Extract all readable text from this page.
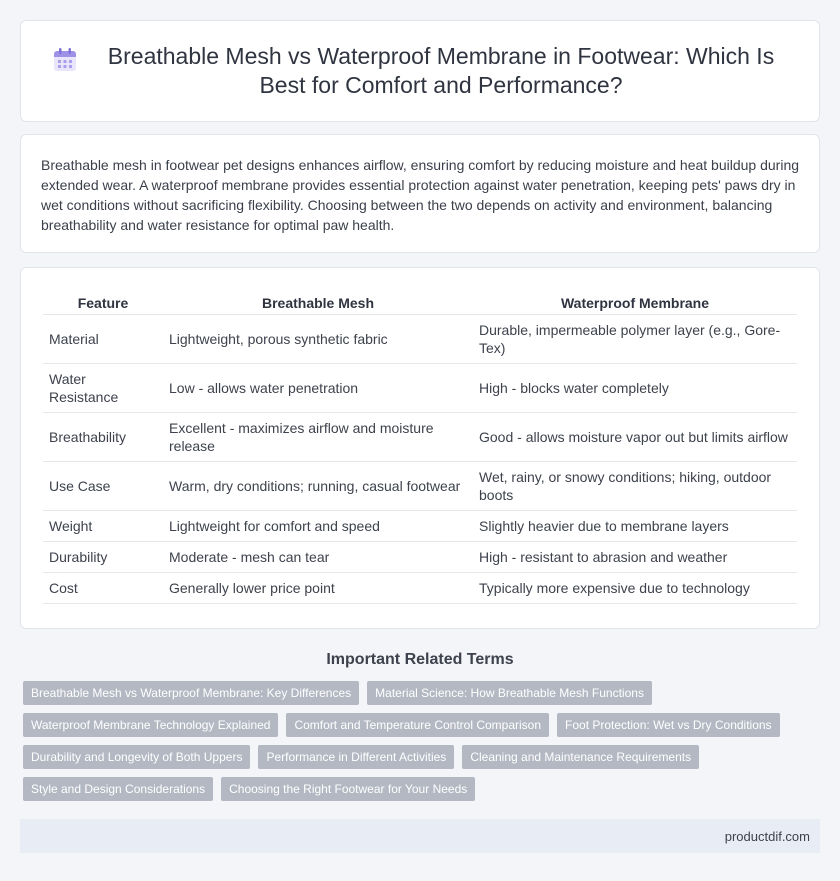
Breathable Mesh vs Waterproof Membrane in Footwear: Which Is Best for Comfort and Performance?

Breathable mesh in footwear pet designs enhances airflow, ensuring comfort by reducing moisture and heat buildup during extended wear. A waterproof membrane provides essential protection against water penetration, keeping pets' paws dry in wet conditions without sacrificing flexibility. Choosing between the two depends on activity and environment, balancing breathability and water resistance for optimal paw health.

Feature	Breathable Mesh	Waterproof Membrane
Material	Lightweight, porous synthetic fabric	Durable, impermeable polymer layer (e.g., Gore-Tex)
Water Resistance	Low - allows water penetration	High - blocks water completely
Breathability	Excellent - maximizes airflow and moisture release	Good - allows moisture vapor out but limits airflow
Use Case	Warm, dry conditions; running, casual footwear	Wet, rainy, or snowy conditions; hiking, outdoor boots
Weight	Lightweight for comfort and speed	Slightly heavier due to membrane layers
Durability	Moderate - mesh can tear	High - resistant to abrasion and weather
Cost	Generally lower price point	Typically more expensive due to technology
Important Related Terms
Breathable Mesh vs Waterproof Membrane: Key Differences	Material Science: How Breathable Mesh Functions
Waterproof Membrane Technology Explained	Comfort and Temperature Control Comparison	Foot Protection: Wet vs Dry Conditions
Durability and Longevity of Both Uppers	Performance in Different Activities	Cleaning and Maintenance Requirements
Style and Design Considerations	Choosing the Right Footwear for Your Needs
productdif.com
